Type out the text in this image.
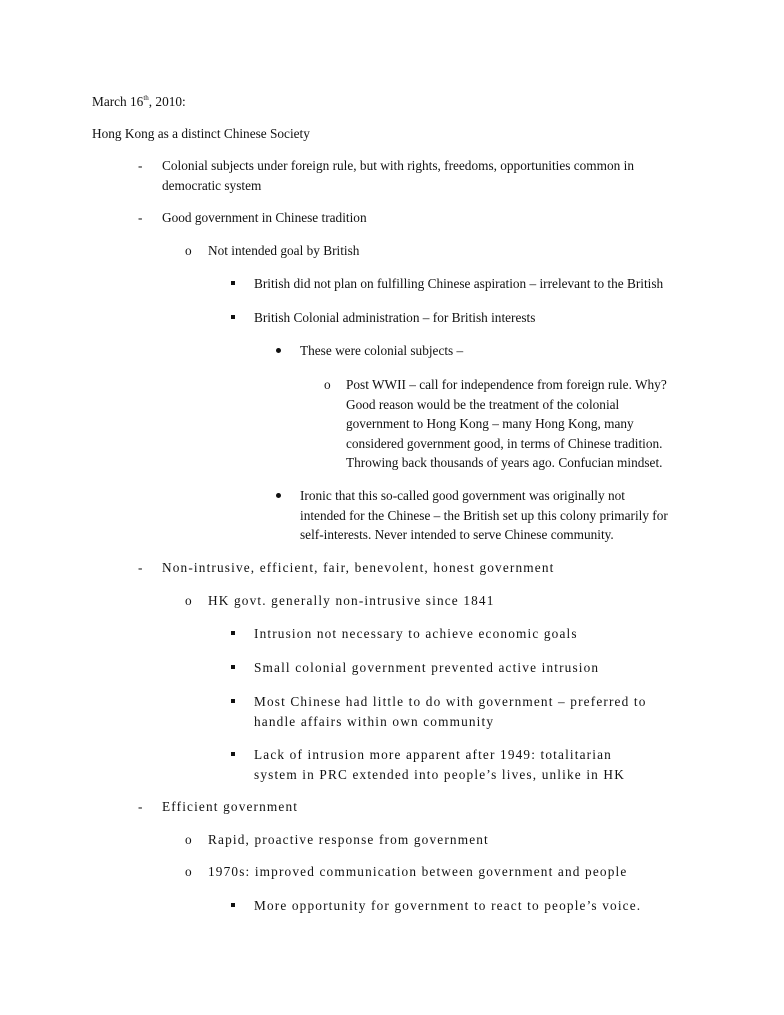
March 16th, 2010:
Hong Kong as a distinct Chinese Society
- Colonial subjects under foreign rule, but with rights, freedoms, opportunities common in
democratic system
- Good government in Chinese tradition
o Not intended goal by British
British did not plan on fulfilling Chinese aspiration – irrelevant to the British
British Colonial administration – for British interests
These were colonial subjects –
o Post WWII – call for independence from foreign rule. Why?
Good reason would be the treatment of the colonial
government to Hong Kong – many Hong Kong, many
considered government good, in terms of Chinese tradition.
Throwing back thousands of years ago. Confucian mindset.
Ironic that this so-called good government was originally not
intended for the Chinese – the British set up this colony primarily for
self-interests. Never intended to serve Chinese community.
- Non-intrusive, efficient, fair, benevolent, honest government
o HK govt. generally non-intrusive since 1841
Intrusion not necessary to achieve economic goals
Small colonial government prevented active intrusion
Most Chinese had little to do with government – preferred to
handle affairs within own community
Lack of intrusion more apparent after 1949: totalitarian
system in PRC extended into people’s lives, unlike in HK
- Efficient government
o Rapid, proactive response from government
o 1970s: improved communication between government and people
More opportunity for government to react to people’s voice.
